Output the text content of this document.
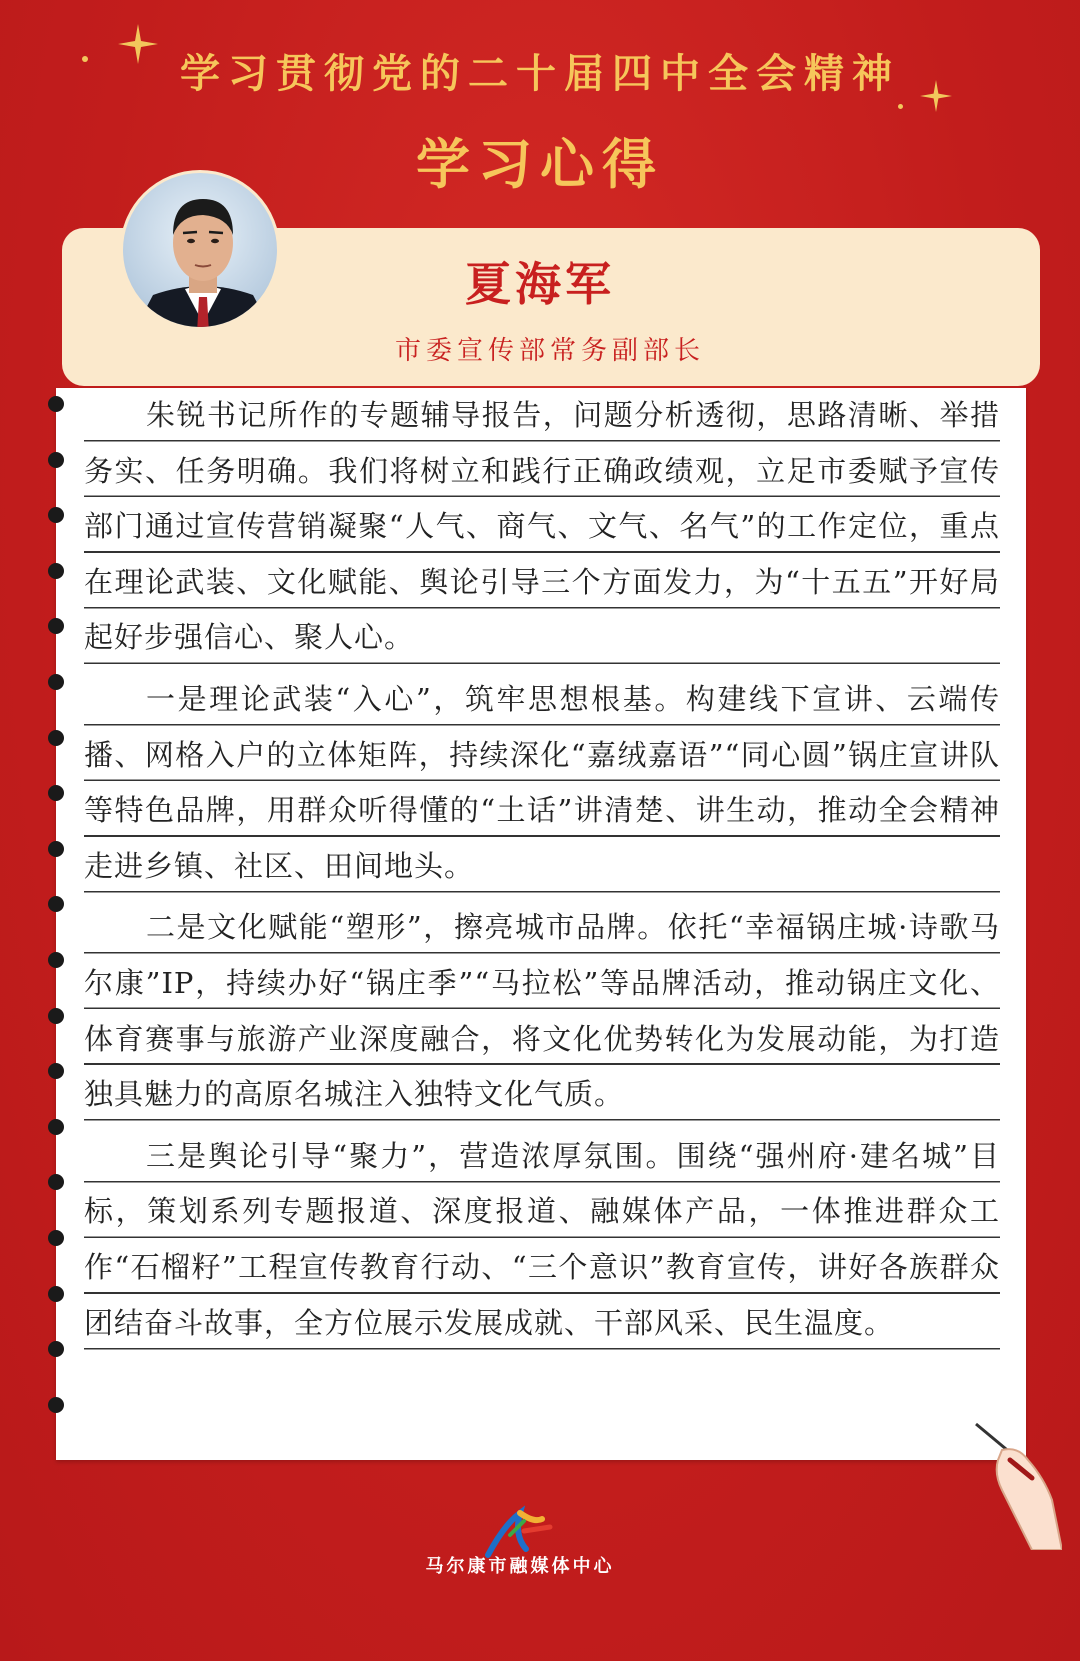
学习贯彻党的二十届四中全会精神
学习心得
夏海军
市委宣传部常务副部长

朱锐书记所作的专题辅导报告，问题分析透彻，思路清晰、举措务实、任务明确。我们将树立和践行正确政绩观，立足市委赋予宣传部门通过宣传营销凝聚“人气、商气、文气、名气”的工作定位，重点在理论武装、文化赋能、舆论引导三个方面发力，为“十五五”开好局起好步强信心、聚人心。

一是理论武装“入心”，筑牢思想根基。构建线下宣讲、云端传播、网格入户的立体矩阵，持续深化“嘉绒嘉语”“同心圆”锅庄宣讲队等特色品牌，用群众听得懂的“土话”讲清楚、讲生动，推动全会精神走进乡镇、社区、田间地头。

二是文化赋能“塑形”，擦亮城市品牌。依托“幸福锅庄城·诗歌马尔康”IP，持续办好“锅庄季”“马拉松”等品牌活动，推动锅庄文化、体育赛事与旅游产业深度融合，将文化优势转化为发展动能，为打造独具魅力的高原名城注入独特文化气质。

三是舆论引导“聚力”，营造浓厚氛围。围绕“强州府·建名城”目标，策划系列专题报道、深度报道、融媒体产品，一体推进群众工作“石榴籽”工程宣传教育行动、“三个意识”教育宣传，讲好各族群众团结奋斗故事，全方位展示发展成就、干部风采、民生温度。

马尔康市融媒体中心
